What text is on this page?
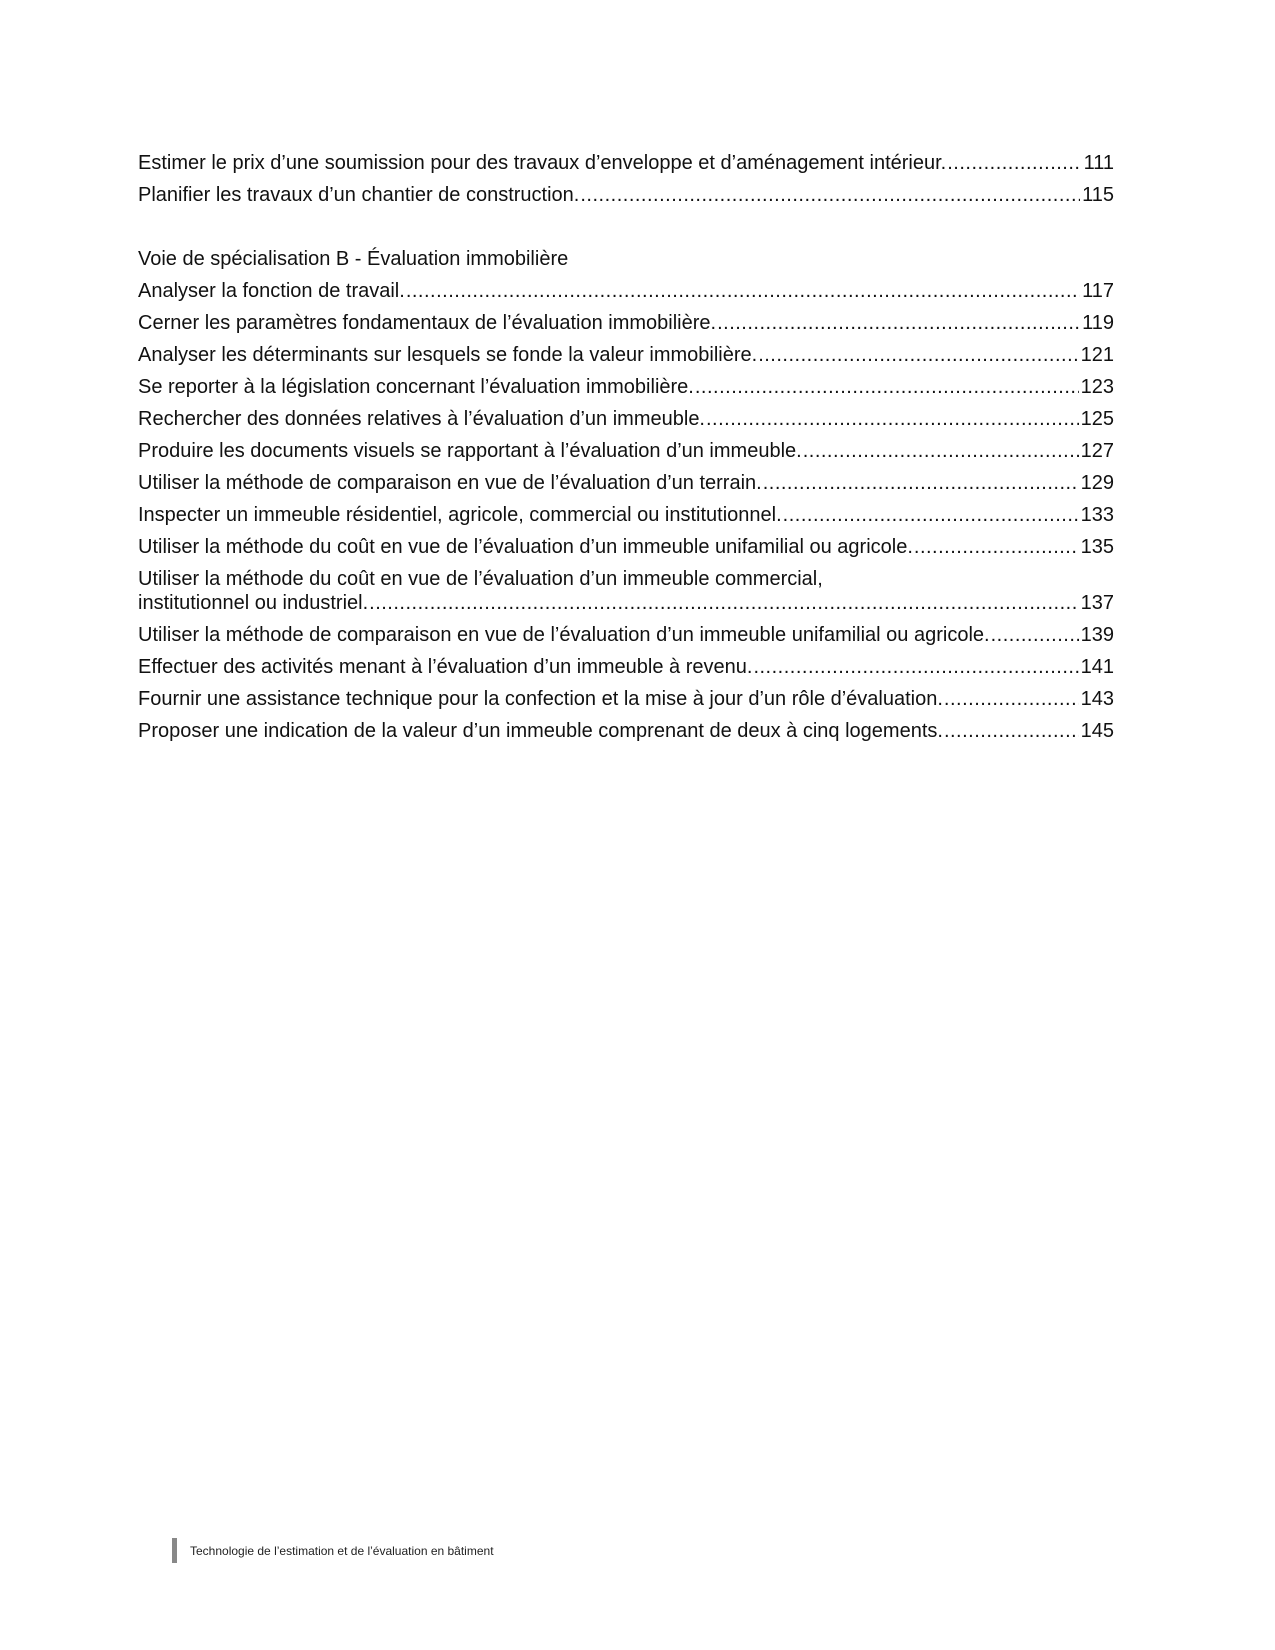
Estimer le prix d’une soumission pour des travaux d’enveloppe et d’aménagement intérieur. .....	111
Planifier les travaux d’un chantier de construction. .....	115
Voie de spécialisation B - Évaluation immobilière
Analyser la fonction de travail. .....	117
Cerner les paramètres fondamentaux de l’évaluation immobilière. .....	119
Analyser les déterminants sur lesquels se fonde la valeur immobilière. .....	121
Se reporter à la législation concernant l’évaluation immobilière. .....	123
Rechercher des données relatives à l’évaluation d’un immeuble. .....	125
Produire les documents visuels se rapportant à l’évaluation d’un immeuble. .....	127
Utiliser la méthode de comparaison en vue de l’évaluation d’un terrain. .....	129
Inspecter un immeuble résidentiel, agricole, commercial ou institutionnel. .....	133
Utiliser la méthode du coût en vue de l’évaluation d’un immeuble unifamilial ou agricole. .....	135
Utiliser la méthode du coût en vue de l’évaluation d’un immeuble commercial,
institutionnel ou industriel. .....	137
Utiliser la méthode de comparaison en vue de l’évaluation d’un immeuble unifamilial ou agricole. .....	139
Effectuer des activités menant à l’évaluation d’un immeuble à revenu. .....	141
Fournir une assistance technique pour la confection et la mise à jour d’un rôle d’évaluation. .....	143
Proposer une indication de la valeur d’un immeuble comprenant de deux à cinq logements. .....	145
Technologie de l’estimation et de l’évaluation en bâtiment
